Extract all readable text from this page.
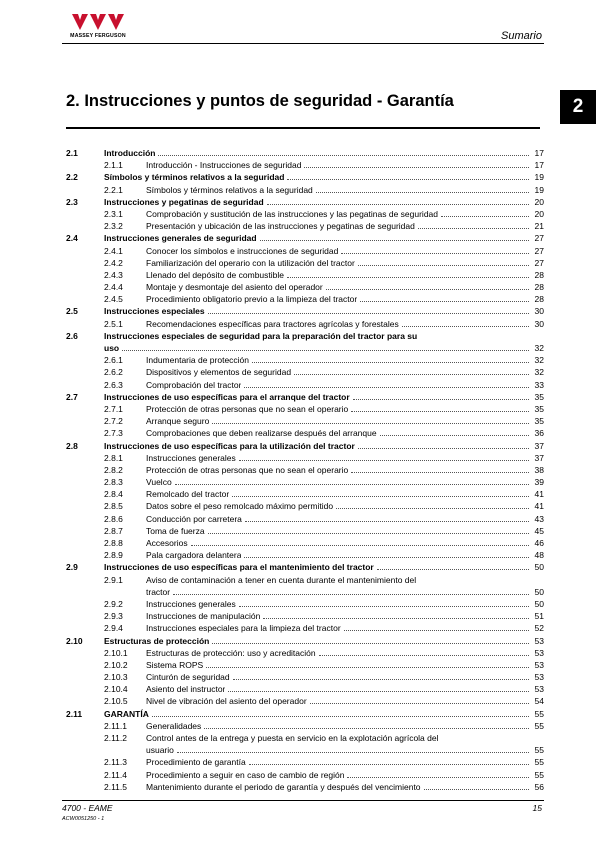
MASSEY FERGUSON	Sumario
2
2. Instrucciones y puntos de seguridad - Garantía
2.1	Introducción	17
2.1.1	Introducción - Instrucciones de seguridad	17
2.2	Símbolos y términos relativos a la seguridad	19
2.2.1	Símbolos y términos relativos a la seguridad	19
2.3	Instrucciones y pegatinas de seguridad	20
2.3.1	Comprobación y sustitución de las instrucciones y las pegatinas de seguridad	20
2.3.2	Presentación y ubicación de las instrucciones y pegatinas de seguridad	21
2.4	Instrucciones generales de seguridad	27
2.4.1	Conocer los símbolos e instrucciones de seguridad	27
2.4.2	Familiarización del operario con la utilización del tractor	27
2.4.3	Llenado del depósito de combustible	28
2.4.4	Montaje y desmontaje del asiento del operador	28
2.4.5	Procedimiento obligatorio previo a la limpieza del tractor	28
2.5	Instrucciones especiales	30
2.5.1	Recomendaciones específicas para tractores agrícolas y forestales	30
2.6	Instrucciones especiales de seguridad para la preparación del tractor para su
uso	32
2.6.1	Indumentaria de protección	32
2.6.2	Dispositivos y elementos de seguridad	32
2.6.3	Comprobación del tractor	33
2.7	Instrucciones de uso específicas para el arranque del tractor	35
2.7.1	Protección de otras personas que no sean el operario	35
2.7.2	Arranque seguro	35
2.7.3	Comprobaciones que deben realizarse después del arranque	36
2.8	Instrucciones de uso específicas para la utilización del tractor	37
2.8.1	Instrucciones generales	37
2.8.2	Protección de otras personas que no sean el operario	38
2.8.3	Vuelco	39
2.8.4	Remolcado del tractor	41
2.8.5	Datos sobre el peso remolcado máximo permitido	41
2.8.6	Conducción por carretera	43
2.8.7	Toma de fuerza	45
2.8.8	Accesorios	46
2.8.9	Pala cargadora delantera	48
2.9	Instrucciones de uso específicas para el mantenimiento del tractor	50
2.9.1	Aviso de contaminación a tener en cuenta durante el mantenimiento del
tractor	50
2.9.2	Instrucciones generales	50
2.9.3	Instrucciones de manipulación	51
2.9.4	Instrucciones especiales para la limpieza del tractor	52
2.10	Estructuras de protección	53
2.10.1	Estructuras de protección: uso y acreditación	53
2.10.2	Sistema ROPS	53
2.10.3	Cinturón de seguridad	53
2.10.4	Asiento del instructor	53
2.10.5	Nivel de vibración del asiento del operador	54
2.11	GARANTÍA	55
2.11.1	Generalidades	55
2.11.2	Control antes de la entrega y puesta en servicio en la explotación agrícola del
usuario	55
2.11.3	Procedimiento de garantía	55
2.11.4	Procedimiento a seguir en caso de cambio de región	55
2.11.5	Mantenimiento durante el periodo de garantía y después del vencimiento	56
4700 - EAME
ACW0051250 - 1
15
